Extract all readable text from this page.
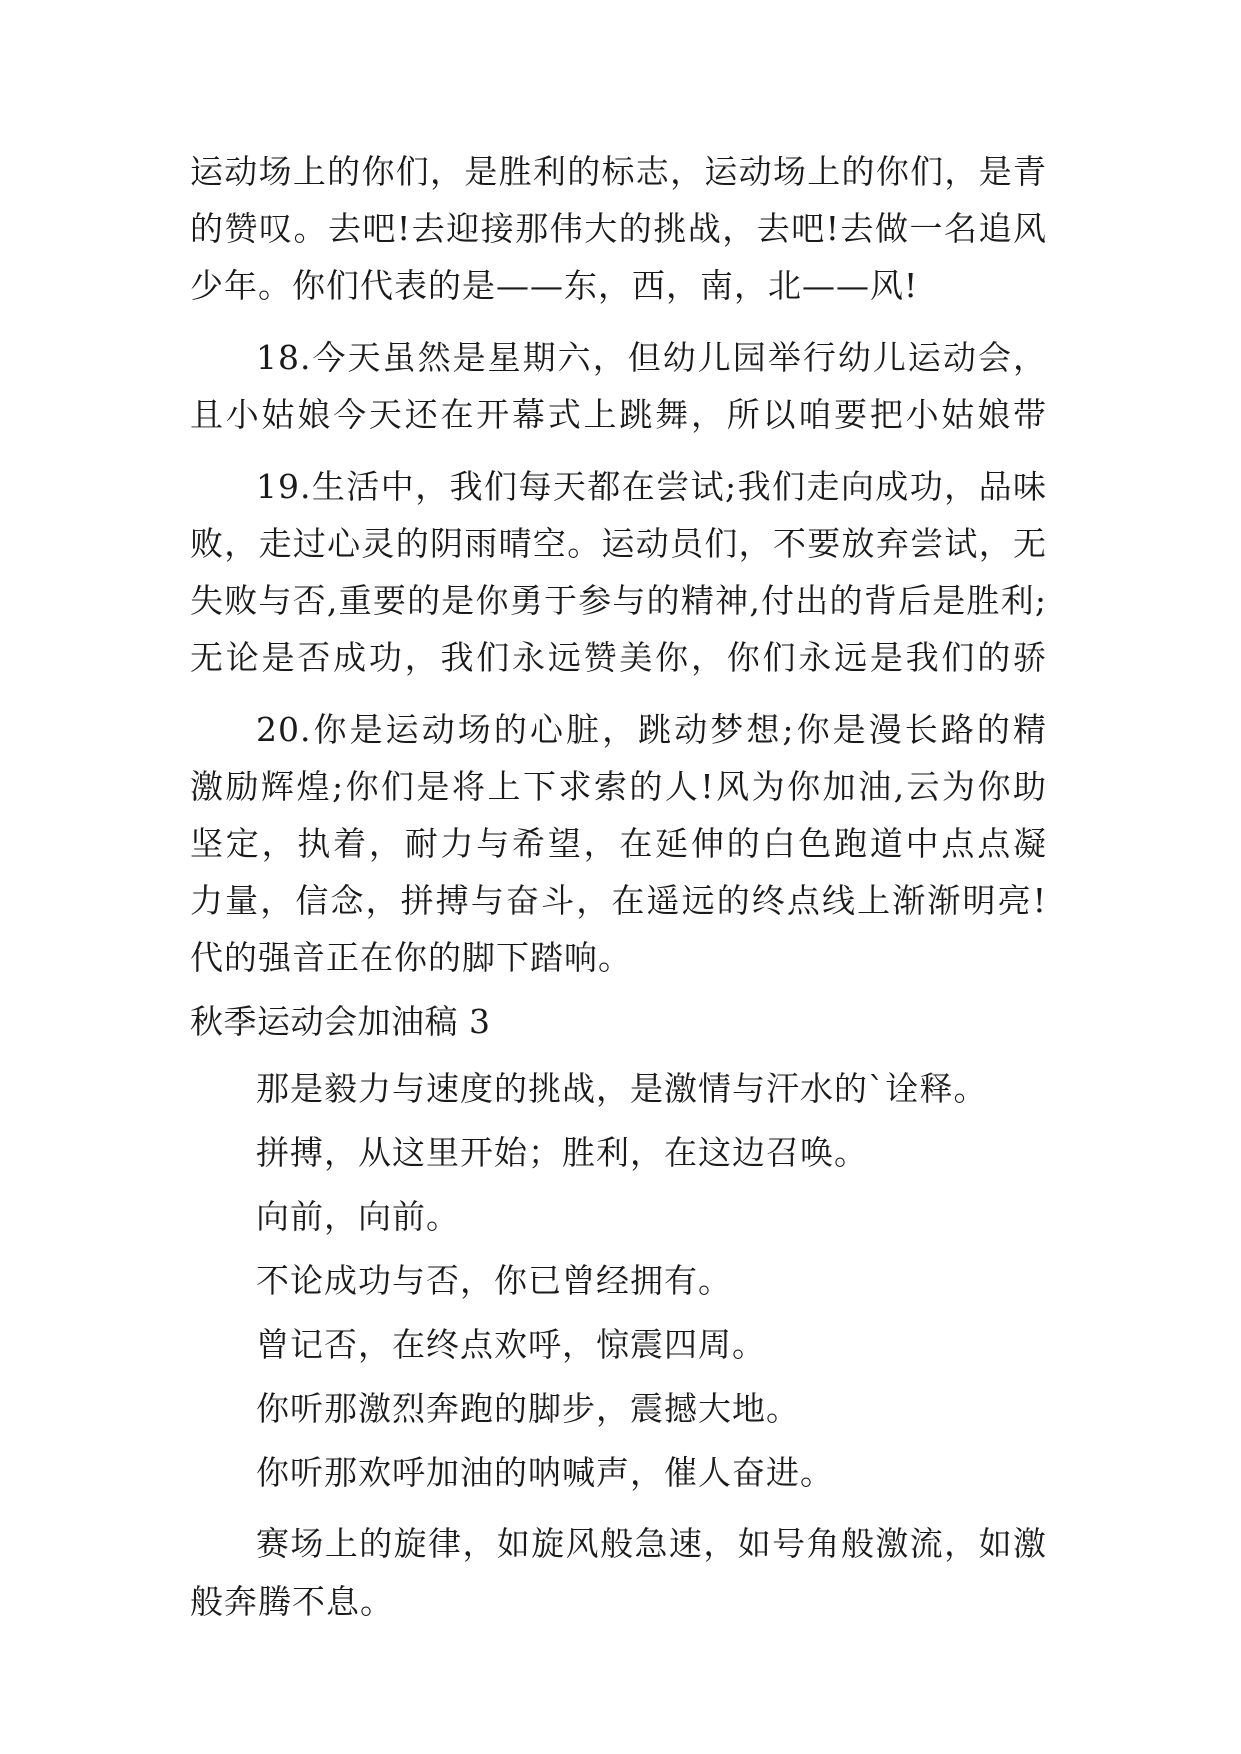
运动场上的你们，是胜利的标志，运动场上的你们，是青
的赞叹。去吧!去迎接那伟大的挑战，去吧!去做一名追风
少年。你们代表的是——东，西，南，北——风!
18.今天虽然是星期六，但幼儿园举行幼儿运动会，
且小姑娘今天还在开幕式上跳舞，所以咱要把小姑娘带
19.生活中，我们每天都在尝试;我们走向成功，品味
败，走过心灵的阴雨晴空。运动员们，不要放弃尝试，无
失败与否,重要的是你勇于参与的精神,付出的背后是胜利;
无论是否成功，我们永远赞美你，你们永远是我们的骄
20.你是运动场的心脏，跳动梦想;你是漫长路的精
激励辉煌;你们是将上下求索的人!风为你加油,云为你助
坚定，执着，耐力与希望，在延伸的白色跑道中点点凝
力量，信念，拼搏与奋斗，在遥远的终点线上渐渐明亮!
代的强音正在你的脚下踏响。
秋季运动会加油稿 3
那是毅力与速度的挑战，是激情与汗水的`诠释。
拼搏，从这里开始；胜利，在这边召唤。
向前，向前。
不论成功与否，你已曾经拥有。
曾记否，在终点欢呼，惊震四周。
你听那激烈奔跑的脚步，震撼大地。
你听那欢呼加油的呐喊声，催人奋进。
赛场上的旋律，如旋风般急速，如号角般激流，如激
般奔腾不息。
